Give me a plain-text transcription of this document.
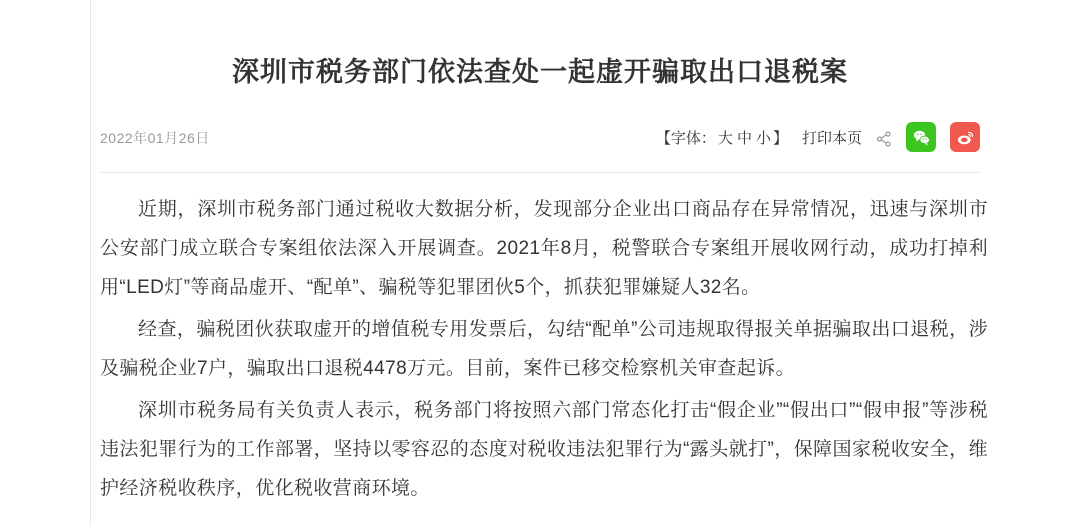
深圳市税务部门依法查处一起虚开骗取出口退税案
2022年01月26日	【字体： 大 中 小 】 打印本页

近期，深圳市税务部门通过税收大数据分析，发现部分企业出口商品存在异常情况，迅速与深圳市公安部门成立联合专案组依法深入开展调查。2021年8月，税警联合专案组开展收网行动，成功打掉利用“LED灯”等商品虚开、“配单”、骗税等犯罪团伙5个，抓获犯罪嫌疑人32名。

经查，骗税团伙获取虚开的增值税专用发票后，勾结“配单”公司违规取得报关单据骗取出口退税，涉及骗税企业7户，骗取出口退税4478万元。目前，案件已移交检察机关审查起诉。

深圳市税务局有关负责人表示，税务部门将按照六部门常态化打击“假企业”“假出口”“假申报”等涉税违法犯罪行为的工作部署，坚持以零容忍的态度对税收违法犯罪行为“露头就打”，保障国家税收安全，维护经济税收秩序，优化税收营商环境。
